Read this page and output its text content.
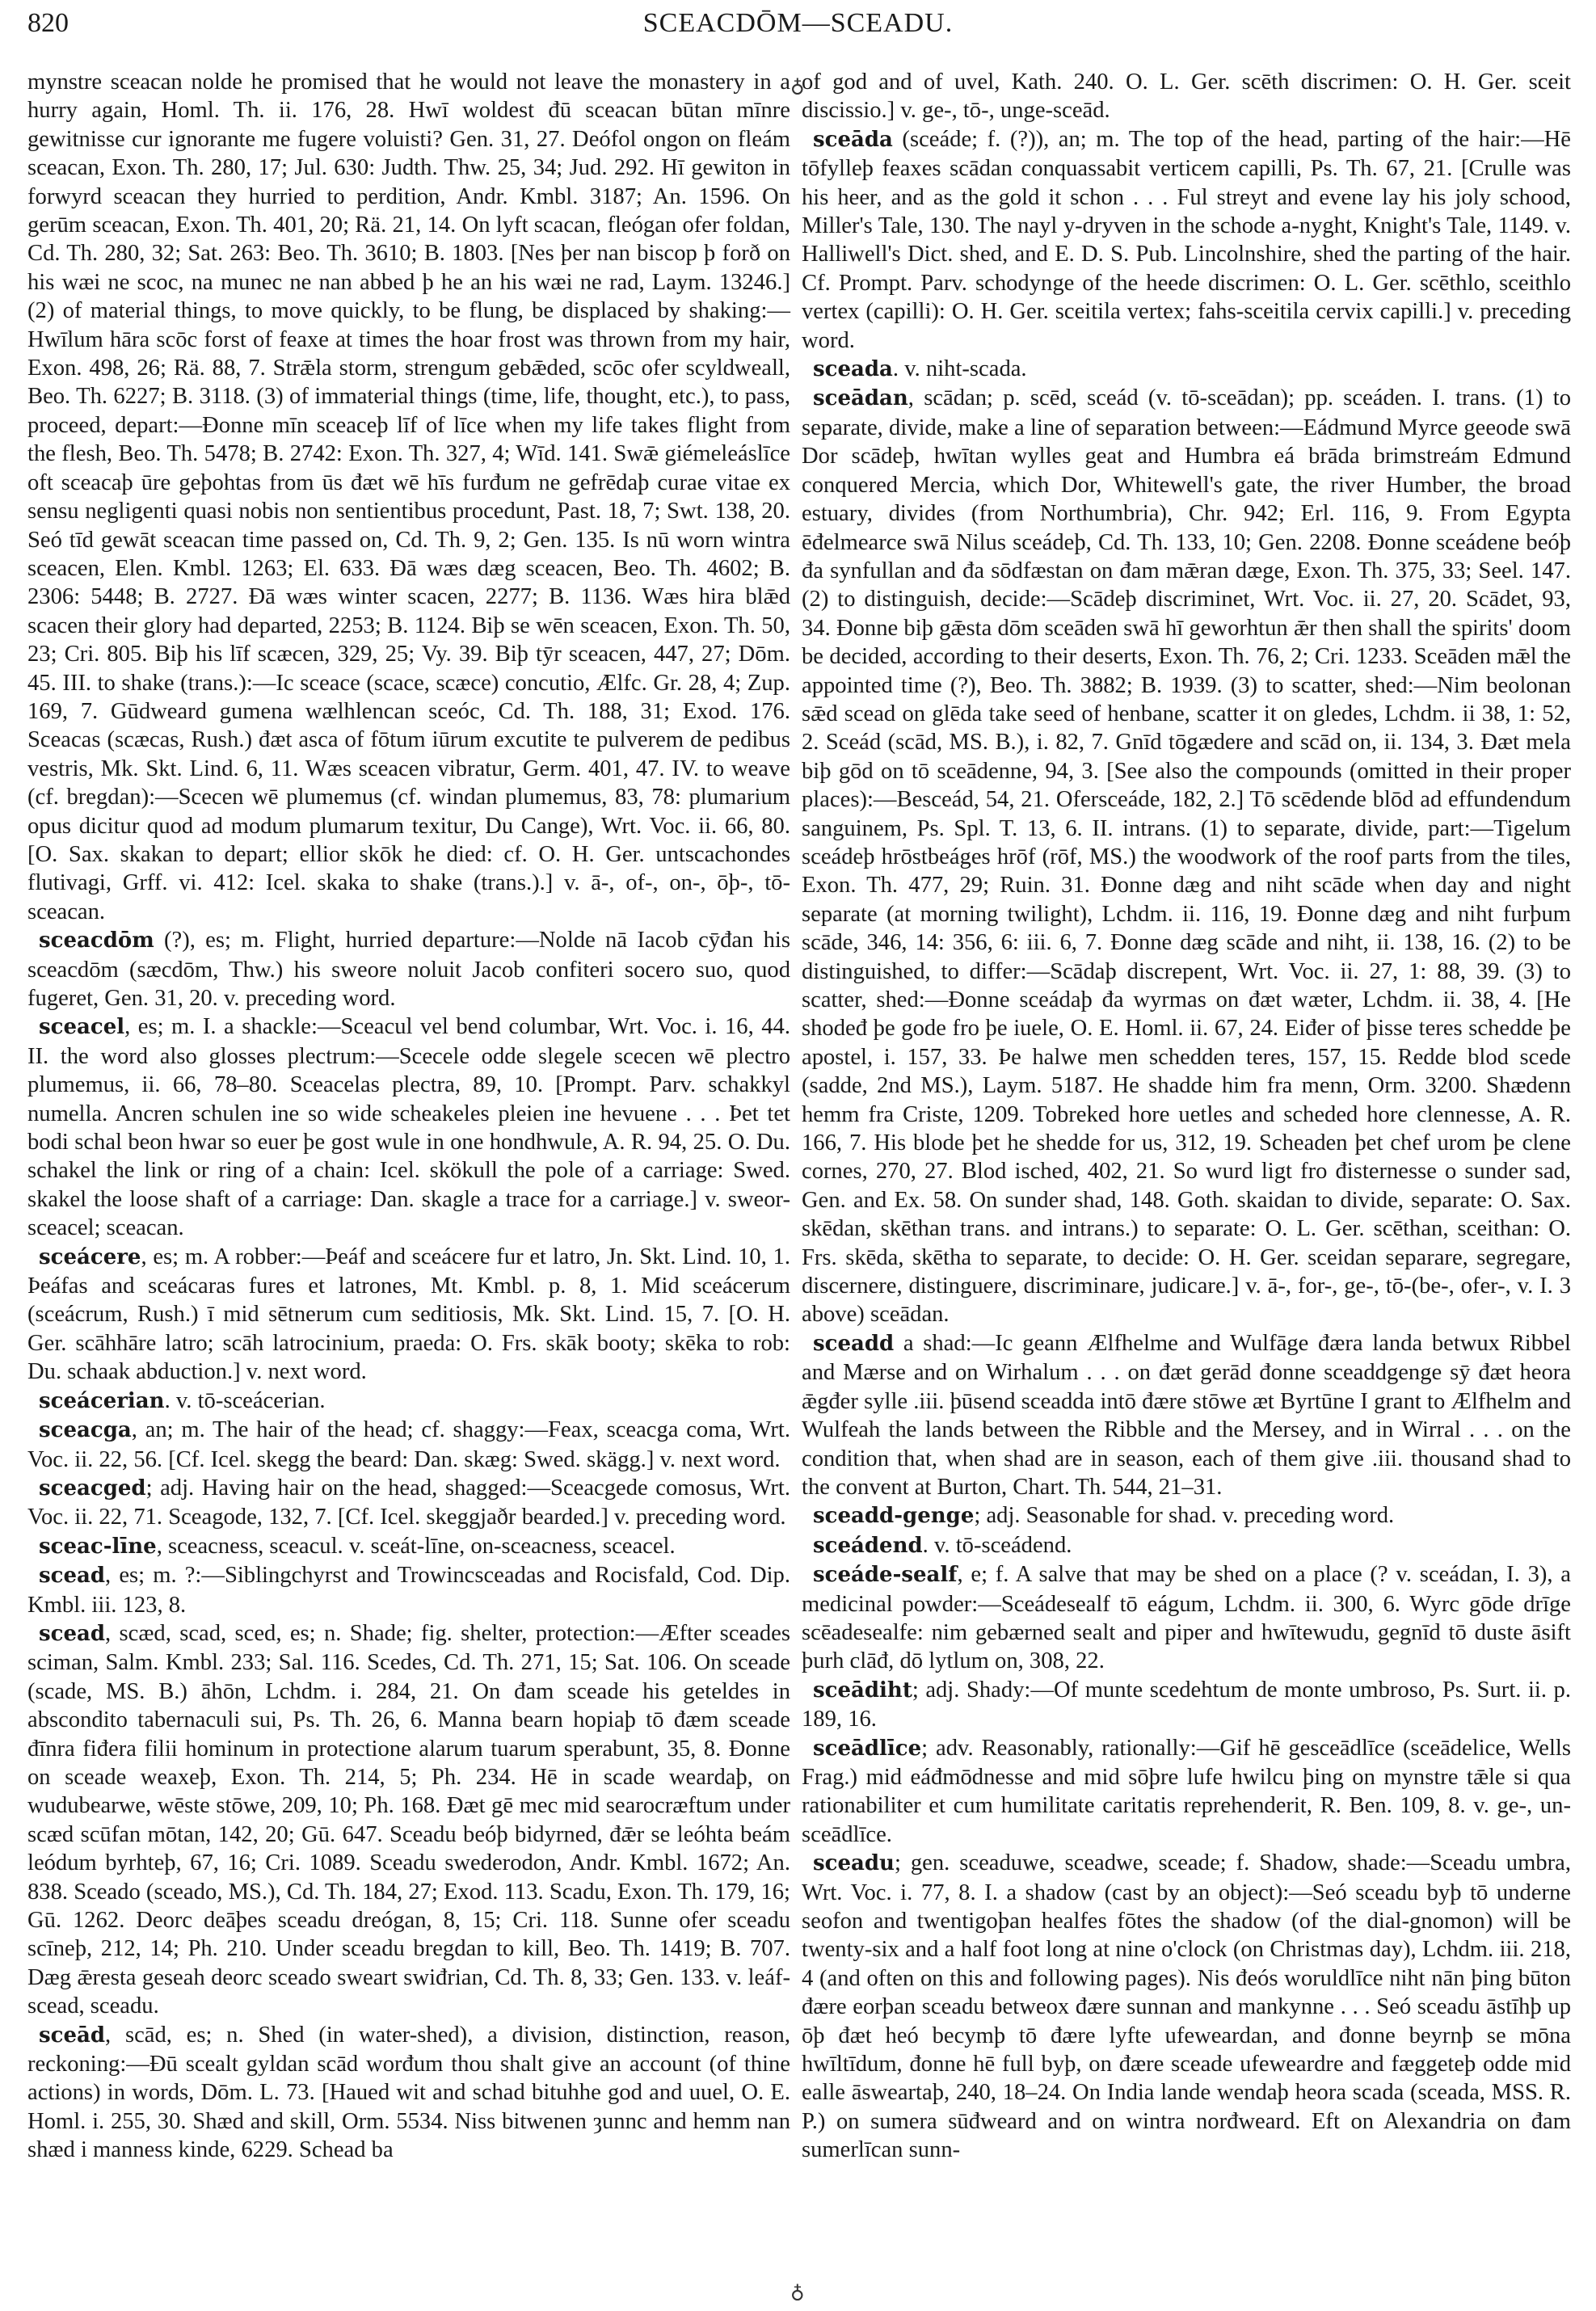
820	SCEACDŌM—SCEADU.
♁
♁

mynstre sceacan nolde he promised that he would not leave the monastery in a hurry again, Homl. Th. ii. 176, 28. Hwī woldest đū sceacan būtan mīnre gewitnisse cur ignorante me fugere voluisti? Gen. 31, 27. Deófol ongon on fleám sceacan, Exon. Th. 280, 17; Jul. 630: Judth. Thw. 25, 34; Jud. 292. Hī gewiton in forwyrd sceacan they hurried to perdition, Andr. Kmbl. 3187; An. 1596. On gerūm sceacan, Exon. Th. 401, 20; Rä. 21, 14. On lyft scacan, fleógan ofer foldan, Cd. Th. 280, 32; Sat. 263: Beo. Th. 3610; B. 1803. [Nes þer nan biscop þ forð on his wæi ne scoc, na munec ne nan abbed þ he an his wæi ne rad, Laym. 13246.] (2) of material things, to move quickly, to be flung, be displaced by shaking:—Hwīlum hāra scōc forst of feaxe at times the hoar frost was thrown from my hair, Exon. 498, 26; Rä. 88, 7. Strǣla storm, strengum gebǣded, scōc ofer scyldweall, Beo. Th. 6227; B. 3118. (3) of immaterial things (time, life, thought, etc.), to pass, proceed, depart:—Đonne mīn sceaceþ līf of līce when my life takes flight from the flesh, Beo. Th. 5478; B. 2742: Exon. Th. 327, 4; Wīd. 141. Swǣ giémeleáslīce oft sceacaþ ūre geþohtas from ūs đæt wē hīs furđum ne gefrēdaþ curae vitae ex sensu negligenti quasi nobis non sentientibus procedunt, Past. 18, 7; Swt. 138, 20. Seó tīd gewāt sceacan time passed on, Cd. Th. 9, 2; Gen. 135. Is nū worn wintra sceacen, Elen. Kmbl. 1263; El. 633. Đā wæs dæg sceacen, Beo. Th. 4602; B. 2306: 5448; B. 2727. Đā wæs winter scacen, 2277; B. 1136. Wæs hira blǣd scacen their glory had departed, 2253; B. 1124. Biþ se wēn sceacen, Exon. Th. 50, 23; Cri. 805. Biþ his līf scæcen, 329, 25; Vy. 39. Biþ tȳr sceacen, 447, 27; Dōm. 45. III. to shake (trans.):—Ic sceace (scace, scæce) concutio, Ælfc. Gr. 28, 4; Zup. 169, 7. Gūdweard gumena wælhlencan sceóc, Cd. Th. 188, 31; Exod. 176. Sceacas (scæcas, Rush.) đæt asca of fōtum iūrum excutite te pulverem de pedibus vestris, Mk. Skt. Lind. 6, 11. Wæs sceacen vibratur, Germ. 401, 47. IV. to weave (cf. bregdan):—Scecen wē plumemus (cf. windan plumemus, 83, 78: plumarium opus dicitur quod ad modum plumarum texitur, Du Cange), Wrt. Voc. ii. 66, 80. [O. Sax. skakan to depart; ellior skōk he died: cf. O. H. Ger. untscachondes flutivagi, Grff. vi. 412: Icel. skaka to shake (trans.).] v. ā-, of-, on-, ōþ-, tō-sceacan.

sceacdōm (?), es; m. Flight, hurried departure:—Nolde nā Iacob cȳđan his sceacdōm (sæcdōm, Thw.) his sweore noluit Jacob confiteri socero suo, quod fugeret, Gen. 31, 20. v. preceding word.

sceacel, es; m. I. a shackle:—Sceacul vel bend columbar, Wrt. Voc. i. 16, 44. II. the word also glosses plectrum:—Scecele odde slegele scecen wē plectro plumemus, ii. 66, 78–80. Sceacelas plectra, 89, 10. [Prompt. Parv. schakkyl numella. Ancren schulen ine so wide scheakeles pleien ine hevuene . . . Þet tet bodi schal beon hwar so euer þe gost wule in one hondhwule, A. R. 94, 25. O. Du. schakel the link or ring of a chain: Icel. skökull the pole of a carriage: Swed. skakel the loose shaft of a carriage: Dan. skagle a trace for a carriage.] v. sweor-sceacel; sceacan.

sceácere, es; m. A robber:—Þeáf and sceácere fur et latro, Jn. Skt. Lind. 10, 1. Þeáfas and sceácaras fures et latrones, Mt. Kmbl. p. 8, 1. Mid sceácerum (sceácrum, Rush.) ī mid sētnerum cum seditiosis, Mk. Skt. Lind. 15, 7. [O. H. Ger. scāhhāre latro; scāh latrocinium, praeda: O. Frs. skāk booty; skēka to rob: Du. schaak abduction.] v. next word.

sceácerian. v. tō-sceácerian.

sceacga, an; m. The hair of the head; cf. shaggy:—Feax, sceacga coma, Wrt. Voc. ii. 22, 56. [Cf. Icel. skegg the beard: Dan. skæg: Swed. skägg.] v. next word.

sceacged; adj. Having hair on the head, shagged:—Sceacgede comosus, Wrt. Voc. ii. 22, 71. Sceagode, 132, 7. [Cf. Icel. skeggjaðr bearded.] v. preceding word.

sceac-līne, sceacness, sceacul. v. sceát-līne, on-sceacness, sceacel.

scead, es; m. ?:—Siblingchyrst and Trowincsceadas and Rocisfald, Cod. Dip. Kmbl. iii. 123, 8.

scead, scæd, scad, sced, es; n. Shade; fig. shelter, protection:—Æfter sceades sciman, Salm. Kmbl. 233; Sal. 116. Scedes, Cd. Th. 271, 15; Sat. 106. On sceade (scade, MS. B.) āhōn, Lchdm. i. 284, 21. On đam sceade his geteldes in abscondito tabernaculi sui, Ps. Th. 26, 6. Manna bearn hopiaþ tō đæm sceade đīnra fiđera filii hominum in protectione alarum tuarum sperabunt, 35, 8. Đonne on sceade weaxeþ, Exon. Th. 214, 5; Ph. 234. Hē in scade weardaþ, on wudubearwe, wēste stōwe, 209, 10; Ph. 168. Đæt gē mec mid searocræftum under scæd scūfan mōtan, 142, 20; Gū. 647. Sceadu beóþ bidyrned, đǣr se leóhta beám leódum byrhteþ, 67, 16; Cri. 1089. Sceadu swederodon, Andr. Kmbl. 1672; An. 838. Sceado (sceado, MS.), Cd. Th. 184, 27; Exod. 113. Scadu, Exon. Th. 179, 16; Gū. 1262. Deorc deāþes sceadu dreógan, 8, 15; Cri. 118. Sunne ofer sceadu scīneþ, 212, 14; Ph. 210. Under sceadu bregdan to kill, Beo. Th. 1419; B. 707. Dæg ǣresta geseah deorc sceado sweart swiđrian, Cd. Th. 8, 33; Gen. 133. v. leáf-scead, sceadu.

sceād, scād, es; n. Shed (in water-shed), a division, distinction, reason, reckoning:—Đū scealt gyldan scād worđum thou shalt give an account (of thine actions) in words, Dōm. L. 73. [Haued wit and schad bituhhe god and uuel, O. E. Homl. i. 255, 30. Shæd and skill, Orm. 5534. Niss bitwenen ȝunnc and hemm nan shæd i manness kinde, 6229. Schead ba

of god and of uvel, Kath. 240. O. L. Ger. scēth discrimen: O. H. Ger. sceit discissio.] v. ge-, tō-, unge-sceād.

sceāda (sceáde; f. (?)), an; m. The top of the head, parting of the hair:—Hē tōfylleþ feaxes scādan conquassabit verticem capilli, Ps. Th. 67, 21. [Crulle was his heer, and as the gold it schon . . . Ful streyt and evene lay his joly schood, Miller's Tale, 130. The nayl y-dryven in the schode a-nyght, Knight's Tale, 1149. v. Halliwell's Dict. shed, and E. D. S. Pub. Lincolnshire, shed the parting of the hair. Cf. Prompt. Parv. schodynge of the heede discrimen: O. L. Ger. scēthlo, sceithlo vertex (capilli): O. H. Ger. sceitila vertex; fahs-sceitila cervix capilli.] v. preceding word.

sceada. v. niht-scada.

sceādan, scādan; p. scēd, sceád (v. tō-sceādan); pp. sceáden. I. trans. (1) to separate, divide, make a line of separation between:—Eádmund Myrce geeode swā Dor scādeþ, hwītan wylles geat and Humbra eá brāda brimstreám Edmund conquered Mercia, which Dor, Whitewell's gate, the river Humber, the broad estuary, divides (from Northumbria), Chr. 942; Erl. 116, 9. From Egypta ēđelmearce swā Nilus sceádeþ, Cd. Th. 133, 10; Gen. 2208. Đonne sceádene beóþ đa synfullan and đa sōdfæstan on đam mǣran dæge, Exon. Th. 375, 33; Seel. 147. (2) to distinguish, decide:—Scādeþ discriminet, Wrt. Voc. ii. 27, 20. Scādet, 93, 34. Đonne biþ gǣsta dōm sceāden swā hī geworhtun ǣr then shall the spirits' doom be decided, according to their deserts, Exon. Th. 76, 2; Cri. 1233. Sceāden mǣl the appointed time (?), Beo. Th. 3882; B. 1939. (3) to scatter, shed:—Nim beolonan sǣd scead on glēda take seed of henbane, scatter it on gledes, Lchdm. ii 38, 1: 52, 2. Sceád (scād, MS. B.), i. 82, 7. Gnīd tōgædere and scād on, ii. 134, 3. Đæt mela biþ gōd on tō sceādenne, 94, 3. [See also the compounds (omitted in their proper places):—Besceád, 54, 21. Ofersceáde, 182, 2.] Tō scēdende blōd ad effundendum sanguinem, Ps. Spl. T. 13, 6. II. intrans. (1) to separate, divide, part:—Tigelum sceádeþ hrōstbeáges hrōf (rōf, MS.) the woodwork of the roof parts from the tiles, Exon. Th. 477, 29; Ruin. 31. Đonne dæg and niht scāde when day and night separate (at morning twilight), Lchdm. ii. 116, 19. Đonne dæg and niht furþum scāde, 346, 14: 356, 6: iii. 6, 7. Đonne dæg scāde and niht, ii. 138, 16. (2) to be distinguished, to differ:—Scādaþ discrepent, Wrt. Voc. ii. 27, 1: 88, 39. (3) to scatter, shed:—Đonne sceádaþ đa wyrmas on đæt wæter, Lchdm. ii. 38, 4. [He shodeđ þe gode fro þe iuele, O. E. Homl. ii. 67, 24. Eiđer of þisse teres schedde þe apostel, i. 157, 33. Þe halwe men schedden teres, 157, 15. Redde blod scede (sadde, 2nd MS.), Laym. 5187. He shadde him fra menn, Orm. 3200. Shædenn hemm fra Criste, 1209. Tobreked hore uetles and scheded hore clennesse, A. R. 166, 7. His blode þet he shedde for us, 312, 19. Scheaden þet chef urom þe clene cornes, 270, 27. Blod isched, 402, 21. So wurd ligt fro đisternesse o sunder sad, Gen. and Ex. 58. On sunder shad, 148. Goth. skaidan to divide, separate: O. Sax. skēdan, skēthan trans. and intrans.) to separate: O. L. Ger. scēthan, sceithan: O. Frs. skēda, skētha to separate, to decide: O. H. Ger. sceidan separare, segregare, discernere, distinguere, discriminare, judicare.] v. ā-, for-, ge-, tō-(be-, ofer-, v. I. 3 above) sceādan.

sceadd a shad:—Ic geann Ælfhelme and Wulfāge đæra landa betwux Ribbel and Mærse and on Wirhalum . . . on đæt gerād đonne sceaddgenge sȳ đæt heora ǣgđer sylle .iii. þūsend sceadda intō đære stōwe æt Byrtūne I grant to Ælfhelm and Wulfeah the lands between the Ribble and the Mersey, and in Wirral . . . on the condition that, when shad are in season, each of them give .iii. thousand shad to the convent at Burton, Chart. Th. 544, 21–31.

sceadd-genge; adj. Seasonable for shad. v. preceding word.

sceádend. v. tō-sceádend.

sceáde-sealf, e; f. A salve that may be shed on a place (? v. sceádan, I. 3), a medicinal powder:—Sceádesealf tō eágum, Lchdm. ii. 300, 6. Wyrc gōde drīge scēadesealfe: nim gebærned sealt and piper and hwītewudu, gegnīd tō duste āsift þurh clāđ, dō lytlum on, 308, 22.

sceādiht; adj. Shady:—Of munte scedehtum de monte umbroso, Ps. Surt. ii. p. 189, 16.

sceādlīce; adv. Reasonably, rationally:—Gif hē gesceādlīce (sceādelice, Wells Frag.) mid eáđmōdnesse and mid sōþre lufe hwilcu þing on mynstre tǣle si qua rationabiliter et cum humilitate caritatis reprehenderit, R. Ben. 109, 8. v. ge-, un-sceādlīce.

sceadu; gen. sceaduwe, sceadwe, sceade; f. Shadow, shade:—Sceadu umbra, Wrt. Voc. i. 77, 8. I. a shadow (cast by an object):—Seó sceadu byþ tō underne seofon and twentigoþan healfes fōtes the shadow (of the dial-gnomon) will be twenty-six and a half foot long at nine o'clock (on Christmas day), Lchdm. iii. 218, 4 (and often on this and following pages). Nis đeós woruldlīce niht nān þing būton đære eorþan sceadu betweox đære sunnan and mankynne . . . Seó sceadu āstīhþ up ōþ đæt heó becymþ tō đære lyfte ufeweardan, and đonne beyrnþ se mōna hwīltīdum, đonne hē full byþ, on đære sceade ufeweardre and fæggeteþ odde mid ealle āsweartaþ, 240, 18–24. On India lande wendaþ heora scada (sceada, MSS. R. P.) on sumera sūđweard and on wintra norđweard. Eft on Alexandria on đam sumerlīcan sunn-
